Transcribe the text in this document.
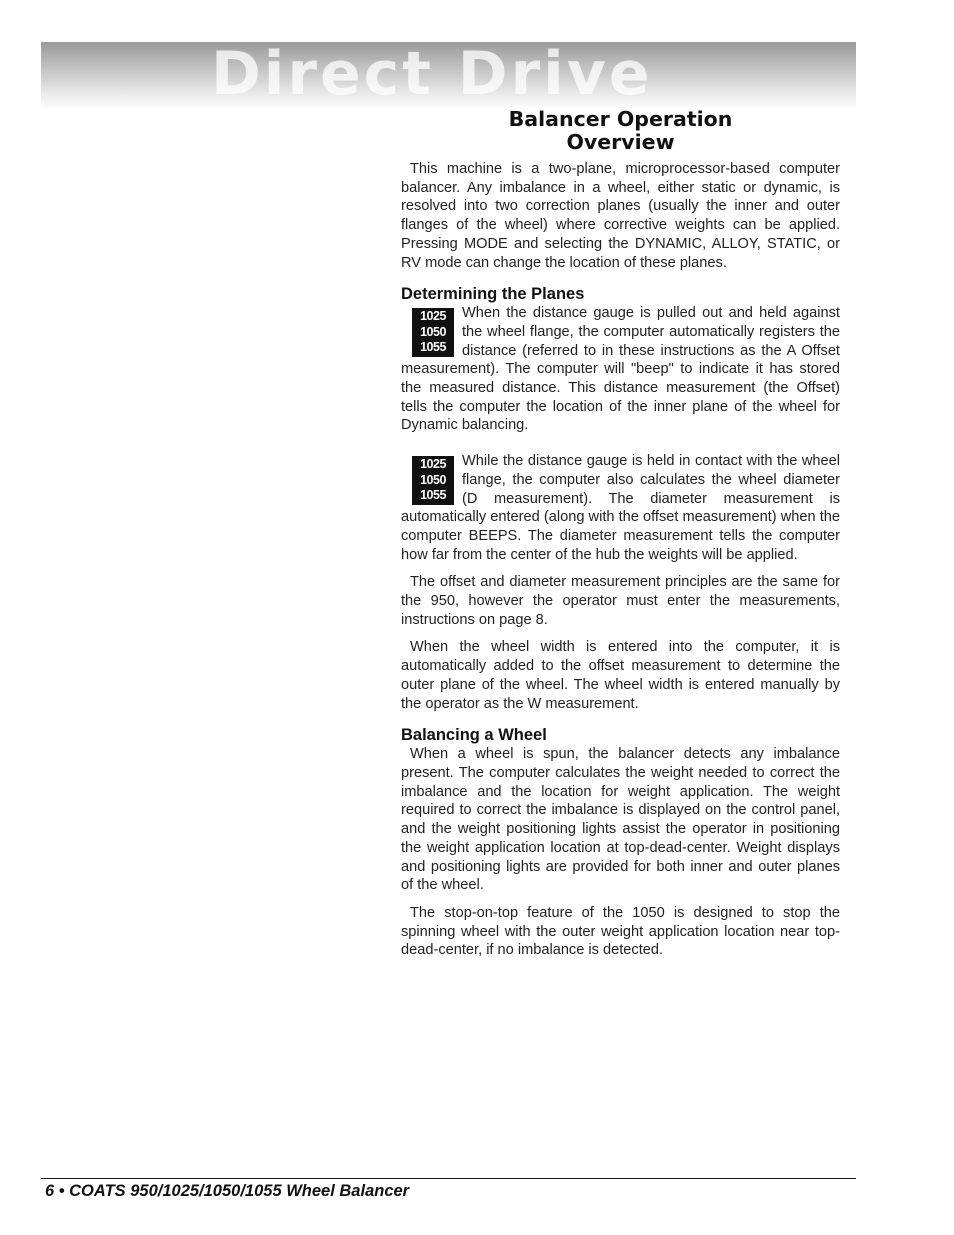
Direct Drive
Balancer Operation
Overview

This machine is a two-plane, microprocessor-based computer balancer. Any imbalance in a wheel, either static or dynamic, is resolved into two correction planes (usually the inner and outer flanges of the wheel) where corrective weights can be applied. Pressing MODE and selecting the DYNAMIC, ALLOY, STATIC, or RV mode can change the location of these planes.

Determining the Planes
1025
1050
1055

When the distance gauge is pulled out and held against the wheel flange, the computer automatically registers the distance (referred to in these instructions as the A Offset measurement). The computer will "beep" to indicate it has stored the measured distance. This distance measurement (the Offset) tells the computer the location of the inner plane of the wheel for Dynamic balancing.

1025
1050
1055

While the distance gauge is held in contact with the wheel flange, the computer also calculates the wheel diameter (D measurement). The diameter measurement is automatically entered (along with the offset measurement) when the computer BEEPS. The diameter measurement tells the computer how far from the center of the hub the weights will be applied.

The offset and diameter measurement principles are the same for the 950, however the operator must enter the measurements, instructions on page 8.

When the wheel width is entered into the computer, it is automatically added to the offset measurement to determine the outer plane of the wheel. The wheel width is entered manually by the operator as the W measurement.

Balancing a Wheel

When a wheel is spun, the balancer detects any imbalance present. The computer calculates the weight needed to correct the imbalance and the location for weight application. The weight required to correct the imbalance is displayed on the control panel, and the weight positioning lights assist the operator in positioning the weight application location at top-dead-center. Weight displays and positioning lights are provided for both inner and outer planes of the wheel.

The stop-on-top feature of the 1050 is designed to stop the spinning wheel with the outer weight application location near top-dead-center, if no imbalance is detected.

6 • COATS 950/1025/1050/1055 Wheel Balancer
